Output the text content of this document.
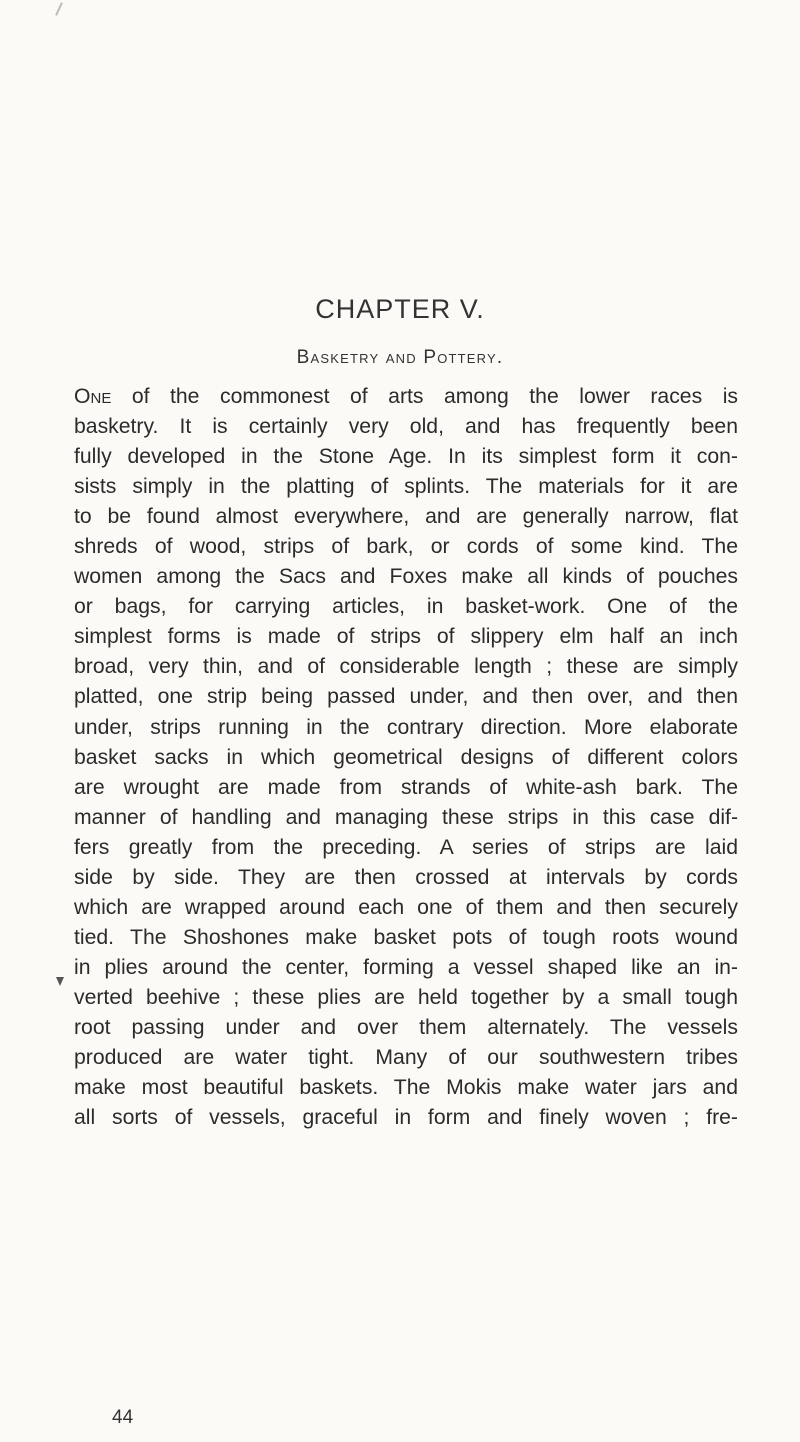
CHAPTER V.
Basketry and Pottery.
One of the commonest of arts among the lower races is
basketry. It is certainly very old, and has frequently been
fully developed in the Stone Age. In its simplest form it con-
sists simply in the platting of splints. The materials for it are
to be found almost everywhere, and are generally narrow, flat
shreds of wood, strips of bark, or cords of some kind. The
women among the Sacs and Foxes make all kinds of pouches
or bags, for carrying articles, in basket-work. One of the
simplest forms is made of strips of slippery elm half an inch
broad, very thin, and of considerable length ; these are simply
platted, one strip being passed under, and then over, and then
under, strips running in the contrary direction. More elaborate
basket sacks in which geometrical designs of different colors
are wrought are made from strands of white-ash bark. The
manner of handling and managing these strips in this case dif-
fers greatly from the preceding. A series of strips are laid
side by side. They are then crossed at intervals by cords
which are wrapped around each one of them and then securely
tied. The Shoshones make basket pots of tough roots wound
in plies around the center, forming a vessel shaped like an in-
verted beehive ; these plies are held together by a small tough
root passing under and over them alternately. The vessels
produced are water tight. Many of our southwestern tribes
make most beautiful baskets. The Mokis make water jars and
all sorts of vessels, graceful in form and finely woven ; fre-
44
